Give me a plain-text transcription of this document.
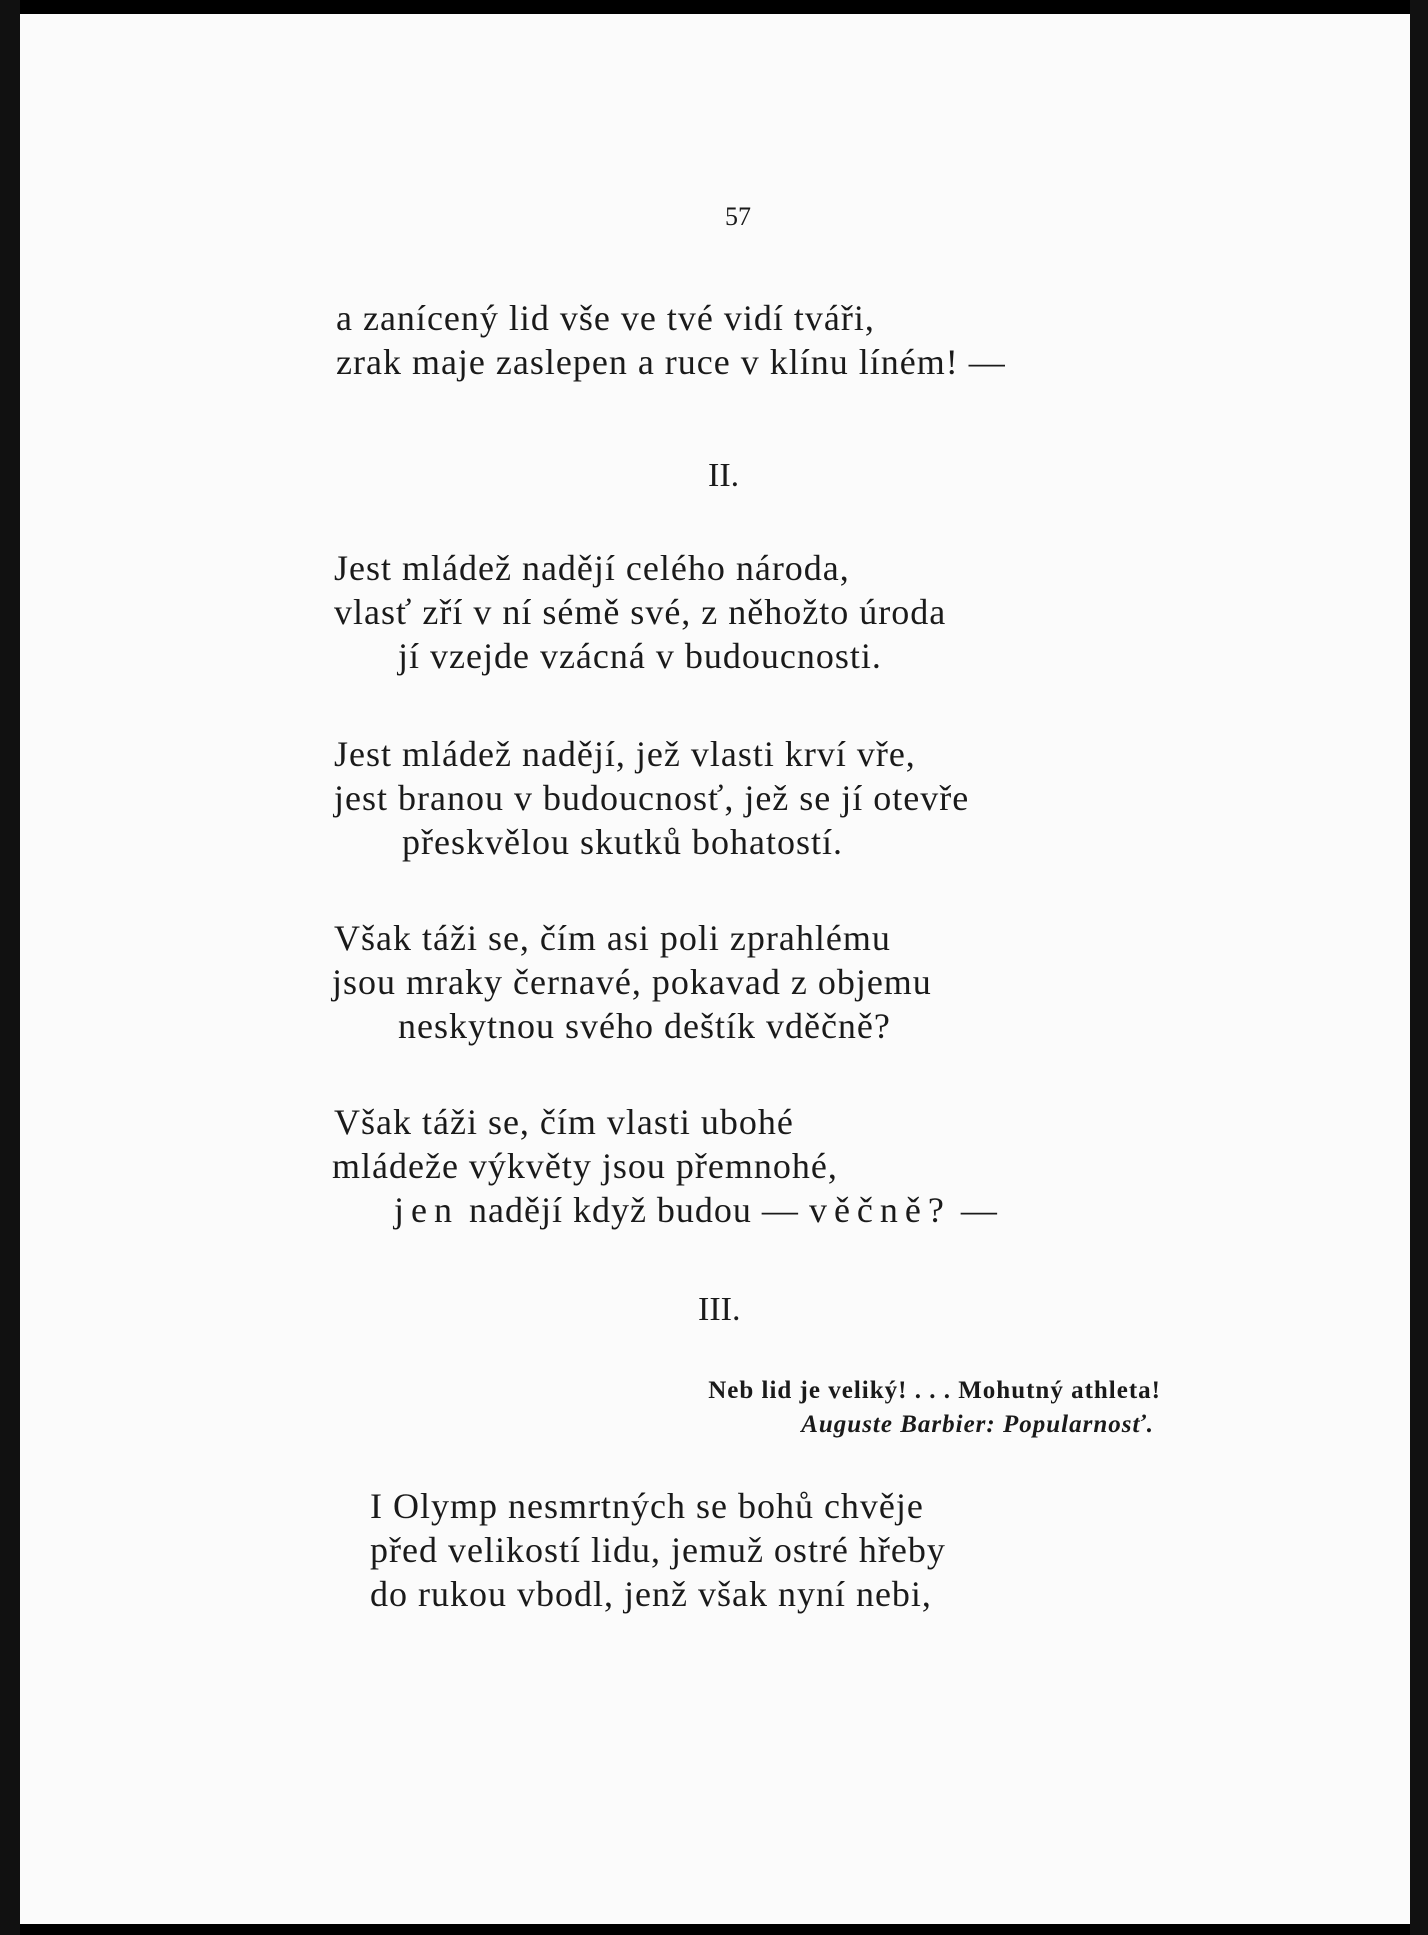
57
a zanícený lid vše ve tvé vidí tváři,
zrak maje zaslepen a ruce v klínu líném! —
II.
Jest mládež nadějí celého národa,
vlasť zří v ní sémě své, z něhožto úroda
jí vzejde vzácná v budoucnosti.
Jest mládež nadějí, jež vlasti krví vře,
jest branou v budoucnosť, jež se jí otevře
přeskvělou skutků bohatostí.
Však táži se, čím asi poli zprahlému
jsou mraky černavé, pokavad z objemu
neskytnou svého deštík vděčně?
Však táži se, čím vlasti ubohé
mládeže výkvěty jsou přemnohé,
jen nadějí když budou — věčně? —
III.
Neb lid je veliký! . . . Mohutný athleta!
Auguste Barbier: Popularnosť.
I Olymp nesmrtných se bohů chvěje
před velikostí lidu, jemuž ostré hřeby
do rukou vbodl, jenž však nyní nebi,
